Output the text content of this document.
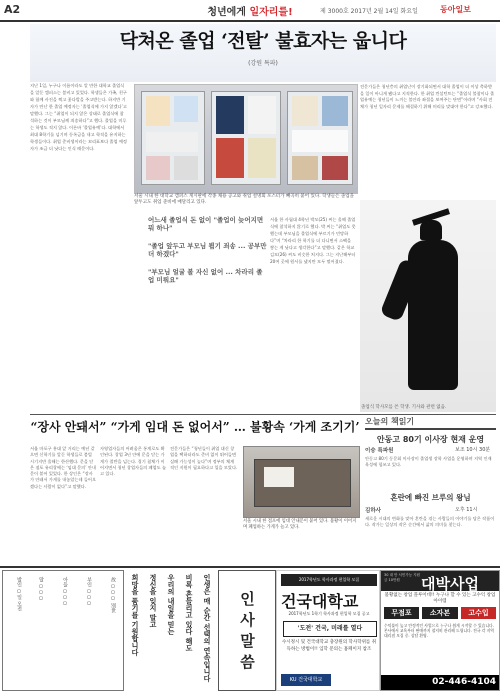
A2	청년에게 일자리를!	제 3000호 2017년 2월 14일 화요일	동아일보
닥쳐온 졸업 ‘전탈’ 불효자는 웁니다
(강원 특파)
지난 1일, 누구나 이름이라도 알 만한 대학교 졸업식을 앞둔 캠퍼스는 붐비고 있었다. 학생들은 가족, 친구와 함께 사진을 찍고 꽃다발을 주고받는다. 하지만 기자가 만난 한 졸업 예정자는 ‘졸업식에 가지 않겠다’고 말했다. 그는 “취업이 되지 않은 상태로 졸업식에 참석하는 것이 부모님께 죄송하다”고 했다. 졸업을 미루는 학생도 적지 않다. 이른바 ‘졸업유예’다. 대학에서 최대 8학기를 넘기며 등록금을 내고 학적을 유지하는 학생들이다. 취업 준비생이라는 꼬리표보다 졸업 예정자가 조금 더 낫다는 인식 때문이다.
서울 시내 한 대학교 캠퍼스 게시판에 각종 채용 공고와 취업 설명회 포스터가 빼곡히 붙어 있다. 학생들은 졸업을 앞두고도 취업 준비에 매달리고 있다.
어느새 졸업식 돈 없이 "졸업이 늦어지면 뭐 하나"
"졸업 앞두고 부모님 뵙기 죄송 ... 공부만 더 하겠다"
"부모님 얼굴 볼 자신 없어 ... 차라리 졸업 미뤄요"
서울 한 사립대 4학년 박모(25) 씨는 올해 졸업식에 참석하지 않기로 했다. 박 씨는 “취업도 못 했는데 부모님을 졸업식에 부르기가 민망하다”며 “차라리 한 학기를 더 다니면서 스펙을 쌓는 게 낫다고 생각한다”고 말했다. 같은 학교 김모(26) 씨도 비슷한 처지다. 그는 지난해부터 20여 곳에 원서를 냈지만 모두 떨어졌다.
전문가들은 청년층의 취업난이 장기화되면서 대학 졸업이 더 이상 축하받을 일이 아니게 됐다고 지적한다. 한 취업 컨설턴트는 “졸업식 불참이나 졸업유예는 청년들이 느끼는 불안과 좌절을 보여주는 단면”이라며 “사회 전체가 청년 일자리 문제를 해결하기 위해 머리를 맞대야 한다”고 강조했다.
졸업식 학사모를 쓴 학생. 기사와 관련 없음.
“장사 안돼서” “가게 임대 돈 없어서” … 불황속 ‘가게 조기기’
서울 마포구 홍대 앞 거리는 예년 같으면 신학기를 앞둔 학생들로 붐빌 시기지만 올해는 한산했다. 문을 닫은 점포 유리창에는 ‘임대 문의’ 안내문이 붙어 있었다. 한 상인은 “장사가 안돼서 가게를 내놓았는데 들어오겠다는 사람이 없다”고 말했다.
자영업자들의 어려움은 통계로도 확인된다. 창업 3년 안에 문을 닫는 가게가 절반을 넘는다. 경기 침체가 이어지면서 청년 창업자들의 폐업도 늘고 있다.
전문가들은 “청년들이 취업 대신 창업을 택하더라도 준비 없이 뛰어들면 실패 가능성이 높다”며 정부의 체계적인 지원이 필요하다고 입을 모았다.
서울 시내 한 점포에 임대 안내문이 붙어 있다. 불황이 이어지며 폐업하는 가게가 늘고 있다.
오늘의 책읽기
안동고 80기 이사장 현재 운영
이승 특파원	보조 10시 30분
안동고 80기 동문회 이사장이 졸업생 장학 사업을 운영하며 지역 인재 육성에 힘쓰고 있다.
혼란에 빠진 브루의 왕님
김하사	오후 11시
새로운 시대의 변화를 맞아 혼란을 겪는 사람들의 이야기를 담은 작품이다. 작가는 일상의 작은 순간에서 삶의 의미를 찾는다.
故 ○○○ 別世
부인 ○○○
아들 ○○○
딸 ○○○
발인 ○일 오전	인생은 매 순간 선택의 연속입니다
비록 흔들리고 있다 해도
우리의 내일을 믿는
정신을 잊지 말고
희망을 품기를 기원합니다	인사말씀
2017학년도 학사과정 편입학 모집
건국대학교
2017학년도 1학기 학사과정 편입학 모집 공고
'도전' 건국, 미래를 열다
수시정시 및 건국대학교 충장원의 학사학위를 취득하는 방법이!! 입학 문의는 홈페이지 참조
KU 건국대학교
30 대 만 서민가능 지원금 10만원	대박사업
불황없는 창업 플루이데!! 누구나 할 수 있는 고수익 창업 아이템
무점포	소자본	고수입
수익률이 높고 안정적인 사업으로 누구나 쉽게 시작할 수 있습니다. 본사에서 교육부터 판매까지 철저히 관리해 드립니다. 전국 각 지역 대리점 모집 중. 상담 환영.
02-446-4104
